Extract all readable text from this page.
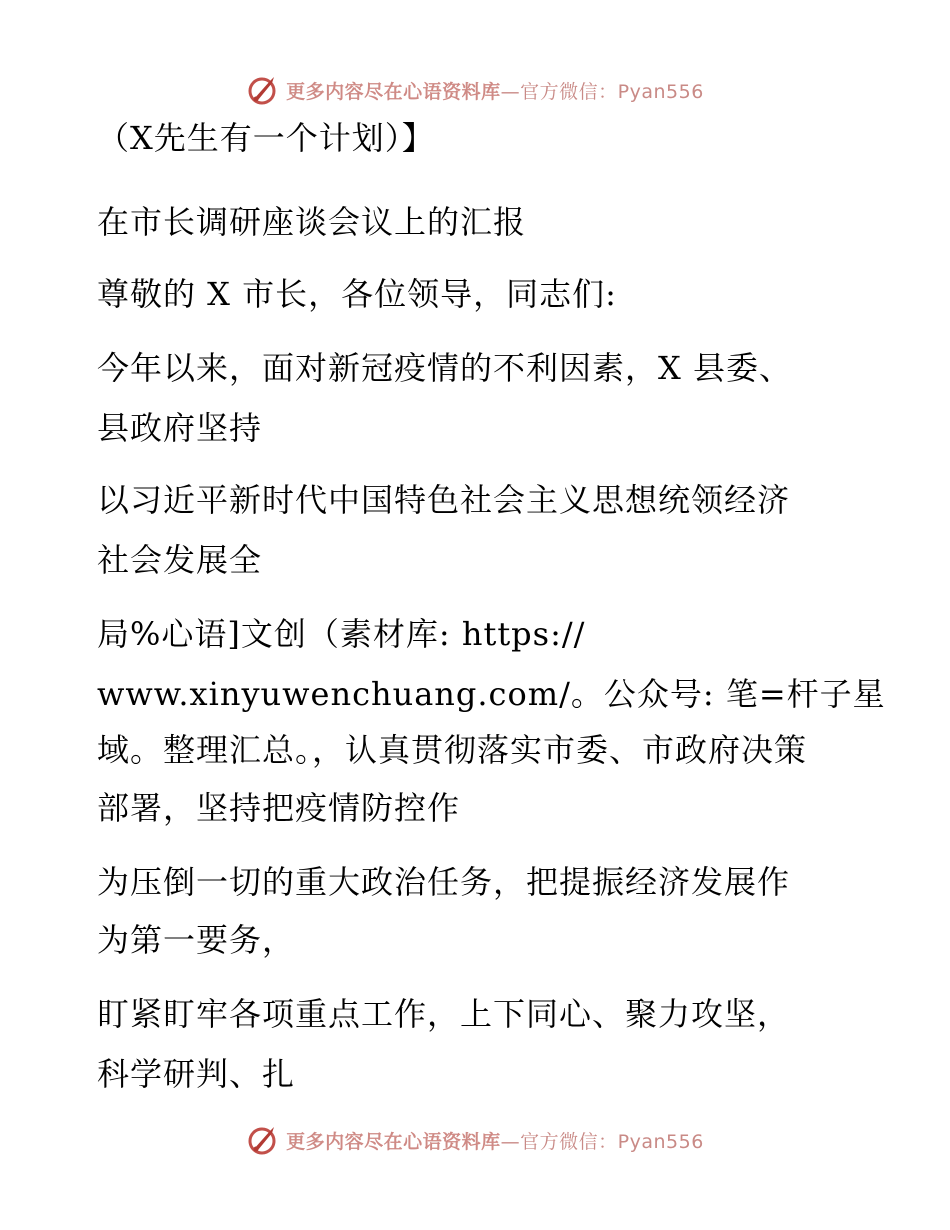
更多内容尽在心语资料库—官方微信：Pyan556
（X先生有一个计划）】
在市长调研座谈会议上的汇报
尊敬的 X 市长，各位领导，同志们:
今年以来，面对新冠疫情的不利因素，X 县委、
县政府坚持
以习近平新时代中国特色社会主义思想统领经济
社会发展全
局%心语]文创（素材库: https://
www.xinyuwenchuang.com/。公众号: 笔=杆子星
域。整理汇总。，认真贯彻落实市委、市政府决策
部署，坚持把疫情防控作
为压倒一切的重大政治任务，把提振经济发展作
为第一要务，
盯紧盯牢各项重点工作，上下同心、聚力攻坚，
科学研判、扎
更多内容尽在心语资料库—官方微信：Pyan556
